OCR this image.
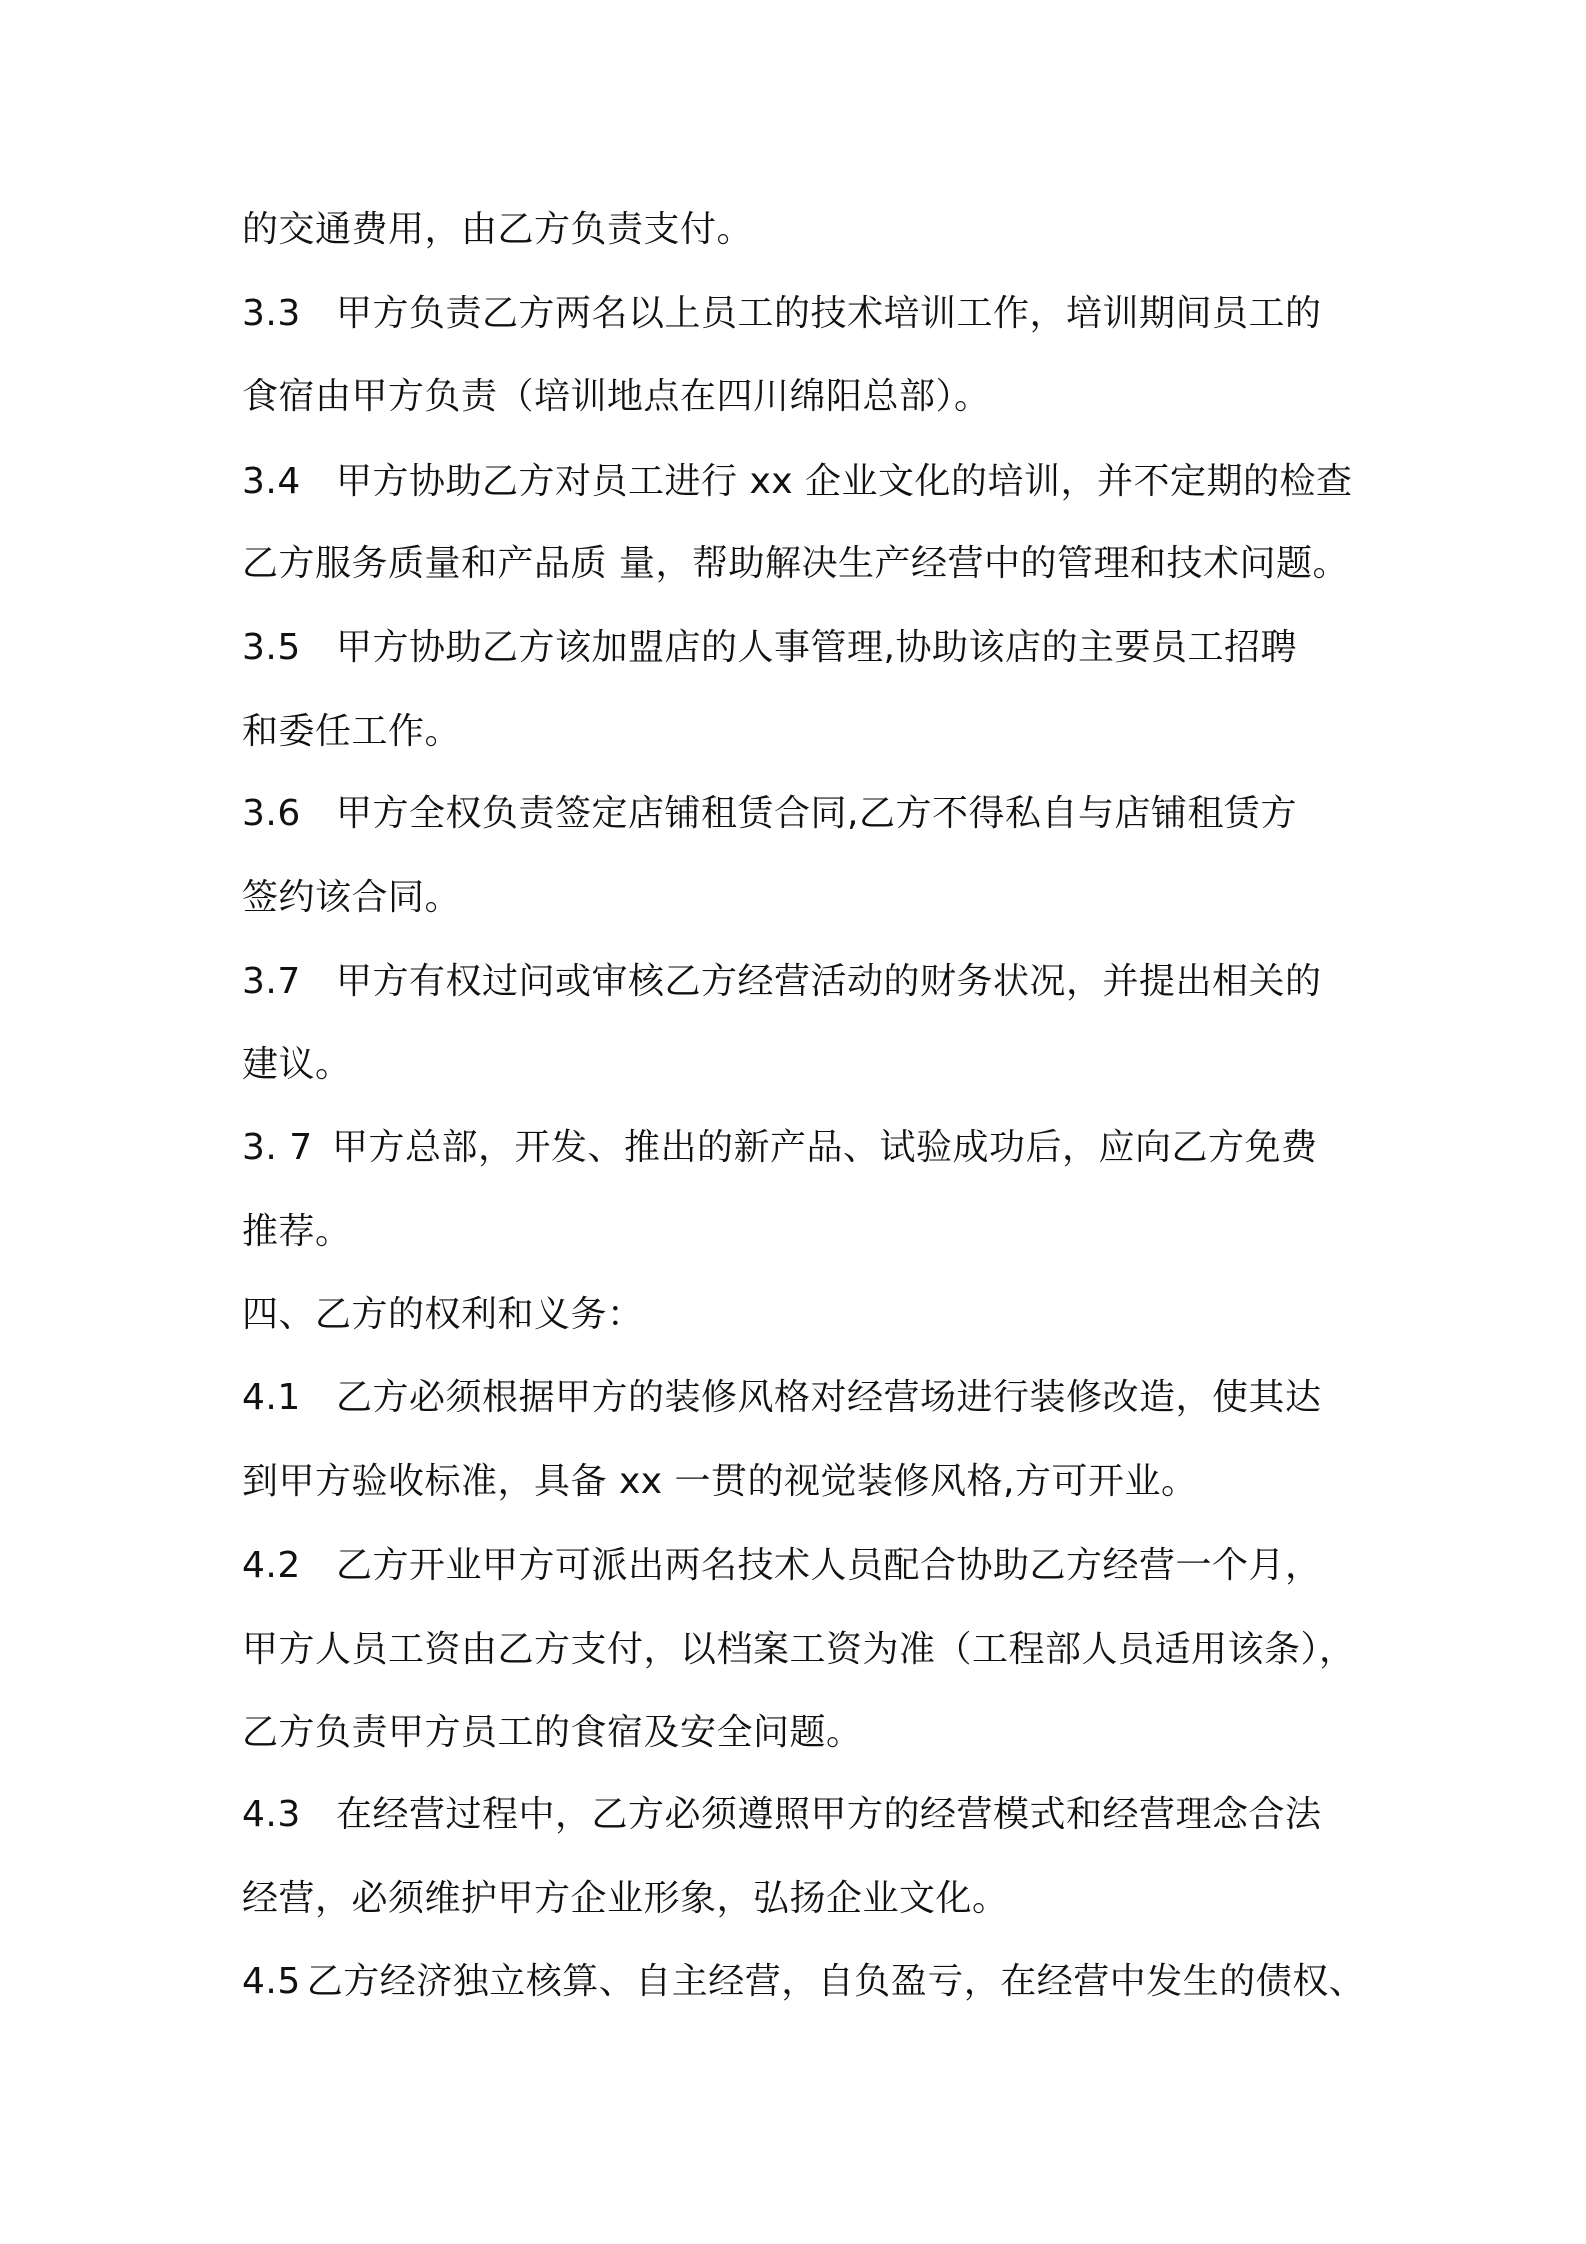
的交通费用，由乙方负责支付。
3.3 甲方负责乙方两名以上员工的技术培训工作，培训期间员工的
食宿由甲方负责（培训地点在四川绵阳总部）。
3.4 甲方协助乙方对员工进行 xx 企业文化的培训，并不定期的检查
乙方服务质量和产品质 量，帮助解决生产经营中的管理和技术问题。
3.5 甲方协助乙方该加盟店的人事管理,协助该店的主要员工招聘
和委任工作。
3.6 甲方全权负责签定店铺租赁合同,乙方不得私自与店铺租赁方
签约该合同。
3.7 甲方有权过问或审核乙方经营活动的财务状况，并提出相关的
建议。
3. 7 甲方总部，开发、推出的新产品、试验成功后，应向乙方免费
推荐。
四、乙方的权利和义务：
4.1 乙方必须根据甲方的装修风格对经营场进行装修改造，使其达
到甲方验收标准，具备 xx 一贯的视觉装修风格,方可开业。
4.2 乙方开业甲方可派出两名技术人员配合协助乙方经营一个月，
甲方人员工资由乙方支付，以档案工资为准（工程部人员适用该条），
乙方负责甲方员工的食宿及安全问题。
4.3 在经营过程中，乙方必须遵照甲方的经营模式和经营理念合法
经营，必须维护甲方企业形象，弘扬企业文化。
4.5 乙方经济独立核算、自主经营，自负盈亏，在经营中发生的债权、
